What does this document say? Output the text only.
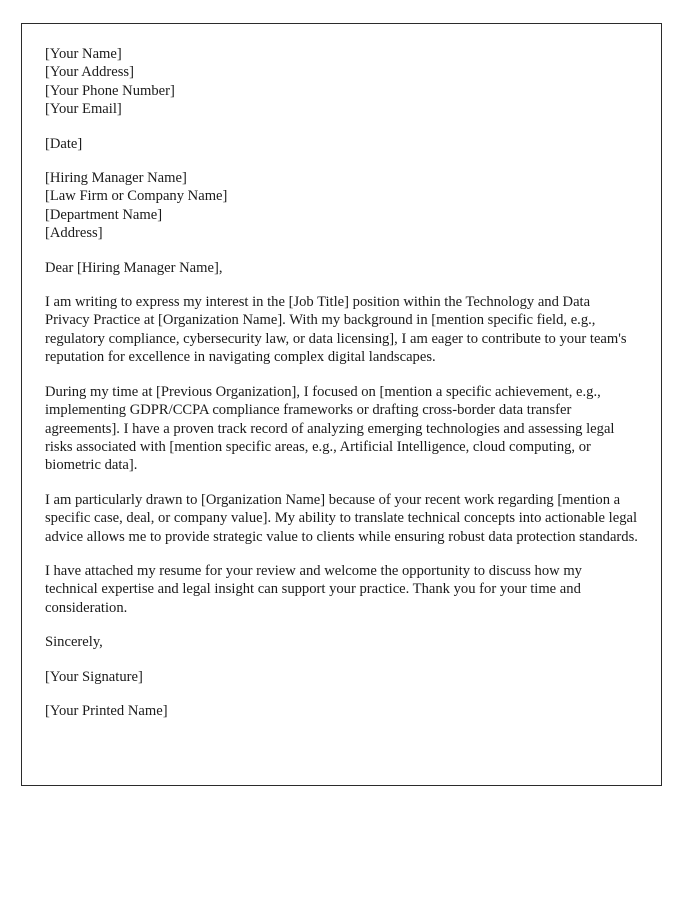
[Your Name]
[Your Address]
[Your Phone Number]
[Your Email]
[Date]
[Hiring Manager Name]
[Law Firm or Company Name]
[Department Name]
[Address]
Dear [Hiring Manager Name],

I am writing to express my interest in the [Job Title] position within the Technology and Data Privacy Practice at [Organization Name]. With my background in [mention specific field, e.g., regulatory compliance, cybersecurity law, or data licensing], I am eager to contribute to your team's reputation for excellence in navigating complex digital landscapes.

During my time at [Previous Organization], I focused on [mention a specific achievement, e.g., implementing GDPR/CCPA compliance frameworks or drafting cross-border data transfer agreements]. I have a proven track record of analyzing emerging technologies and assessing legal risks associated with [mention specific areas, e.g., Artificial Intelligence, cloud computing, or biometric data].

I am particularly drawn to [Organization Name] because of your recent work regarding [mention a specific case, deal, or company value]. My ability to translate technical concepts into actionable legal advice allows me to provide strategic value to clients while ensuring robust data protection standards.

I have attached my resume for your review and welcome the opportunity to discuss how my technical expertise and legal insight can support your practice. Thank you for your time and consideration.

Sincerely,
[Your Signature]
[Your Printed Name]
